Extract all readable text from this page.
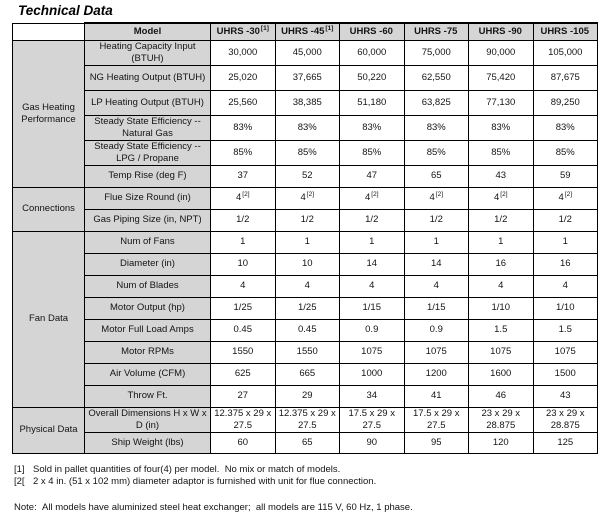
Technical Data
	Model	UHRS -30[1]	UHRS -45[1]	UHRS -60	UHRS -75	UHRS -90	UHRS -105
Gas Heating Performance	Heating Capacity Input (BTUH)	30,000	45,000	60,000	75,000	90,000	105,000
	NG Heating Output (BTUH)	25,020	37,665	50,220	62,550	75,420	87,675
	LP Heating Output (BTUH)	25,560	38,385	51,180	63,825	77,130	89,250
	Steady State Efficiency -- Natural Gas	83%	83%	83%	83%	83%	83%
	Steady State Efficiency -- LPG / Propane	85%	85%	85%	85%	85%	85%
	Temp Rise (deg F)	37	52	47	65	43	59
Connections	Flue Size Round (in)	4[2]	4[2]	4[2]	4[2]	4[2]	4[2]
	Gas Piping Size (in, NPT)	1/2	1/2	1/2	1/2	1/2	1/2
Fan Data	Num of Fans	1	1	1	1	1	1
	Diameter (in)	10	10	14	14	16	16
	Num of Blades	4	4	4	4	4	4
	Motor Output (hp)	1/25	1/25	1/15	1/15	1/10	1/10
	Motor Full Load Amps	0.45	0.45	0.9	0.9	1.5	1.5
	Motor RPMs	1550	1550	1075	1075	1075	1075
	Air Volume (CFM)	625	665	1000	1200	1600	1500
	Throw Ft.	27	29	34	41	46	43
Physical Data	Overall Dimensions H x W x D (in)	12.375 x 29 x 27.5	12.375 x 29 x 27.5	17.5 x 29 x 27.5	17.5 x 29 x 27.5	23 x 29 x 28.875	23 x 29 x 28.875
	Ship Weight (lbs)	60	65	90	95	120	125
[1] Sold in pallet quantities of four(4) per model.  No mix or match of models.
[2[ 2 x 4 in. (51 x 102 mm) diameter adaptor is furnished with unit for flue connection.
Note: All models have aluminized steel heat exchanger;  all models are 115 V, 60 Hz, 1 phase.
